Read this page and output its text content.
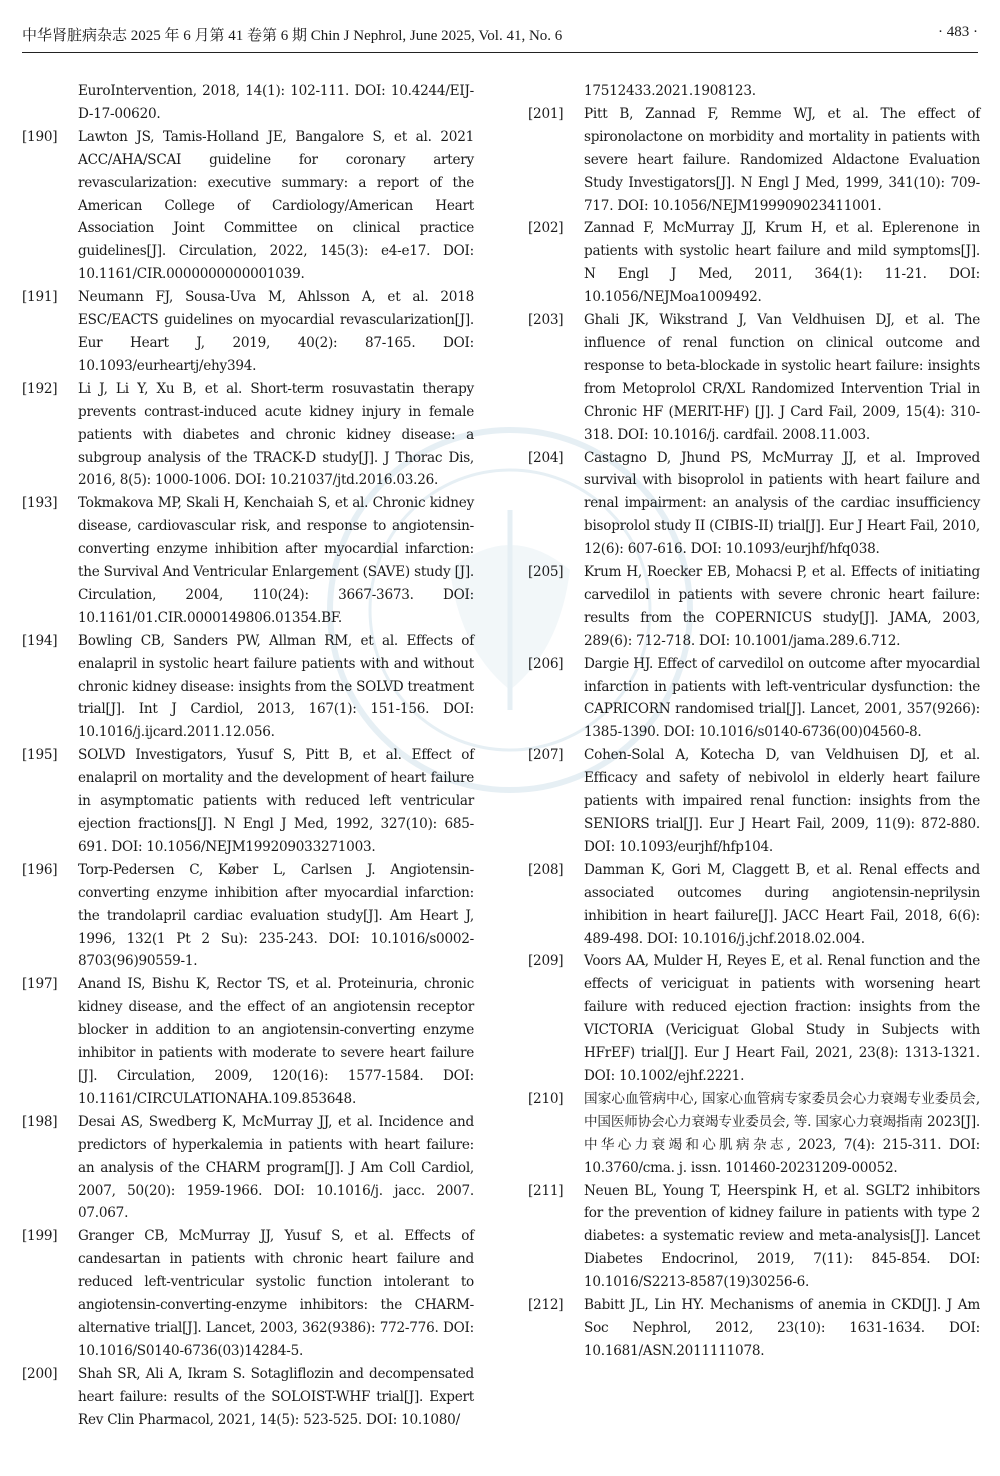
中华肾脏病杂志 2025 年 6 月第 41 卷第 6 期 Chin J Nephrol, June 2025, Vol. 41, No. 6	· 483 ·
EuroIntervention, 2018, 14(1): 102-111. DOI: 10.4244/EIJ-D-17-00620.
[190]	Lawton JS, Tamis-Holland JE, Bangalore S, et al. 2021 ACC/AHA/SCAI guideline for coronary artery revascularization: executive summary: a report of the American College of Cardiology/American Heart Association Joint Committee on clinical practice guidelines[J]. Circulation, 2022, 145(3): e4-e17. DOI: 10.1161/CIR.0000000000001039.
[191]	Neumann FJ, Sousa-Uva M, Ahlsson A, et al. 2018 ESC/EACTS guidelines on myocardial revascularization[J]. Eur Heart J, 2019, 40(2): 87-165. DOI: 10.1093/eurheartj/ehy394.
[192]	Li J, Li Y, Xu B, et al. Short-term rosuvastatin therapy prevents contrast-induced acute kidney injury in female patients with diabetes and chronic kidney disease: a subgroup analysis of the TRACK-D study[J]. J Thorac Dis, 2016, 8(5): 1000-1006. DOI: 10.21037/jtd.2016.03.26.
[193]	Tokmakova MP, Skali H, Kenchaiah S, et al. Chronic kidney disease, cardiovascular risk, and response to angiotensin-converting enzyme inhibition after myocardial infarction: the Survival And Ventricular Enlargement (SAVE) study [J]. Circulation, 2004, 110(24): 3667-3673. DOI: 10.1161/01.CIR.0000149806.01354.BF.
[194]	Bowling CB, Sanders PW, Allman RM, et al. Effects of enalapril in systolic heart failure patients with and without chronic kidney disease: insights from the SOLVD treatment trial[J]. Int J Cardiol, 2013, 167(1): 151-156. DOI: 10.1016/j.ijcard.2011.12.056.
[195]	SOLVD Investigators, Yusuf S, Pitt B, et al. Effect of enalapril on mortality and the development of heart failure in asymptomatic patients with reduced left ventricular ejection fractions[J]. N Engl J Med, 1992, 327(10): 685-691. DOI: 10.1056/NEJM199209033271003.
[196]	Torp-Pedersen C, Køber L, Carlsen J. Angiotensin-converting enzyme inhibition after myocardial infarction: the trandolapril cardiac evaluation study[J]. Am Heart J, 1996, 132(1 Pt 2 Su): 235-243. DOI: 10.1016/s0002-8703(96)90559-1.
[197]	Anand IS, Bishu K, Rector TS, et al. Proteinuria, chronic kidney disease, and the effect of an angiotensin receptor blocker in addition to an angiotensin-converting enzyme inhibitor in patients with moderate to severe heart failure [J]. Circulation, 2009, 120(16): 1577-1584. DOI: 10.1161/CIRCULATIONAHA.109.853648.
[198]	Desai AS, Swedberg K, McMurray JJ, et al. Incidence and predictors of hyperkalemia in patients with heart failure: an analysis of the CHARM program[J]. J Am Coll Cardiol, 2007, 50(20): 1959-1966. DOI: 10.1016/j. jacc. 2007. 07.067.
[199]	Granger CB, McMurray JJ, Yusuf S, et al. Effects of candesartan in patients with chronic heart failure and reduced left-ventricular systolic function intolerant to angiotensin-converting-enzyme inhibitors: the CHARM-alternative trial[J]. Lancet, 2003, 362(9386): 772-776. DOI: 10.1016/S0140-6736(03)14284-5.
[200]	Shah SR, Ali A, Ikram S. Sotagliflozin and decompensated heart failure: results of the SOLOIST-WHF trial[J]. Expert Rev Clin Pharmacol, 2021, 14(5): 523-525. DOI: 10.1080/
17512433.2021.1908123.
[201]	Pitt B, Zannad F, Remme WJ, et al. The effect of spironolactone on morbidity and mortality in patients with severe heart failure. Randomized Aldactone Evaluation Study Investigators[J]. N Engl J Med, 1999, 341(10): 709-717. DOI: 10.1056/NEJM199909023411001.
[202]	Zannad F, McMurray JJ, Krum H, et al. Eplerenone in patients with systolic heart failure and mild symptoms[J]. N Engl J Med, 2011, 364(1): 11-21. DOI: 10.1056/NEJMoa1009492.
[203]	Ghali JK, Wikstrand J, Van Veldhuisen DJ, et al. The influence of renal function on clinical outcome and response to beta-blockade in systolic heart failure: insights from Metoprolol CR/XL Randomized Intervention Trial in Chronic HF (MERIT-HF) [J]. J Card Fail, 2009, 15(4): 310-318. DOI: 10.1016/j. cardfail. 2008.11.003.
[204]	Castagno D, Jhund PS, McMurray JJ, et al. Improved survival with bisoprolol in patients with heart failure and renal impairment: an analysis of the cardiac insufficiency bisoprolol study II (CIBIS-II) trial[J]. Eur J Heart Fail, 2010, 12(6): 607-616. DOI: 10.1093/eurjhf/hfq038.
[205]	Krum H, Roecker EB, Mohacsi P, et al. Effects of initiating carvedilol in patients with severe chronic heart failure: results from the COPERNICUS study[J]. JAMA, 2003, 289(6): 712-718. DOI: 10.1001/jama.289.6.712.
[206]	Dargie HJ. Effect of carvedilol on outcome after myocardial infarction in patients with left-ventricular dysfunction: the CAPRICORN randomised trial[J]. Lancet, 2001, 357(9266): 1385-1390. DOI: 10.1016/s0140-6736(00)04560-8.
[207]	Cohen-Solal A, Kotecha D, van Veldhuisen DJ, et al. Efficacy and safety of nebivolol in elderly heart failure patients with impaired renal function: insights from the SENIORS trial[J]. Eur J Heart Fail, 2009, 11(9): 872-880. DOI: 10.1093/eurjhf/hfp104.
[208]	Damman K, Gori M, Claggett B, et al. Renal effects and associated outcomes during angiotensin-neprilysin inhibition in heart failure[J]. JACC Heart Fail, 2018, 6(6): 489-498. DOI: 10.1016/j.jchf.2018.02.004.
[209]	Voors AA, Mulder H, Reyes E, et al. Renal function and the effects of vericiguat in patients with worsening heart failure with reduced ejection fraction: insights from the VICTORIA (Vericiguat Global Study in Subjects with HFrEF) trial[J]. Eur J Heart Fail, 2021, 23(8): 1313-1321. DOI: 10.1002/ejhf.2221.
[210]	国家心血管病中心, 国家心血管病专家委员会心力衰竭专业委员会, 中国医师协会心力衰竭专业委员会, 等. 国家心力衰竭指南 2023[J]. 中华心力衰竭和心肌病杂志, 2023, 7(4): 215-311. DOI: 10.3760/cma. j. issn. 101460-20231209-00052.
[211]	Neuen BL, Young T, Heerspink H, et al. SGLT2 inhibitors for the prevention of kidney failure in patients with type 2 diabetes: a systematic review and meta-analysis[J]. Lancet Diabetes Endocrinol, 2019, 7(11): 845-854. DOI: 10.1016/S2213-8587(19)30256-6.
[212]	Babitt JL, Lin HY. Mechanisms of anemia in CKD[J]. J Am Soc Nephrol, 2012, 23(10): 1631-1634. DOI: 10.1681/ASN.2011111078.
